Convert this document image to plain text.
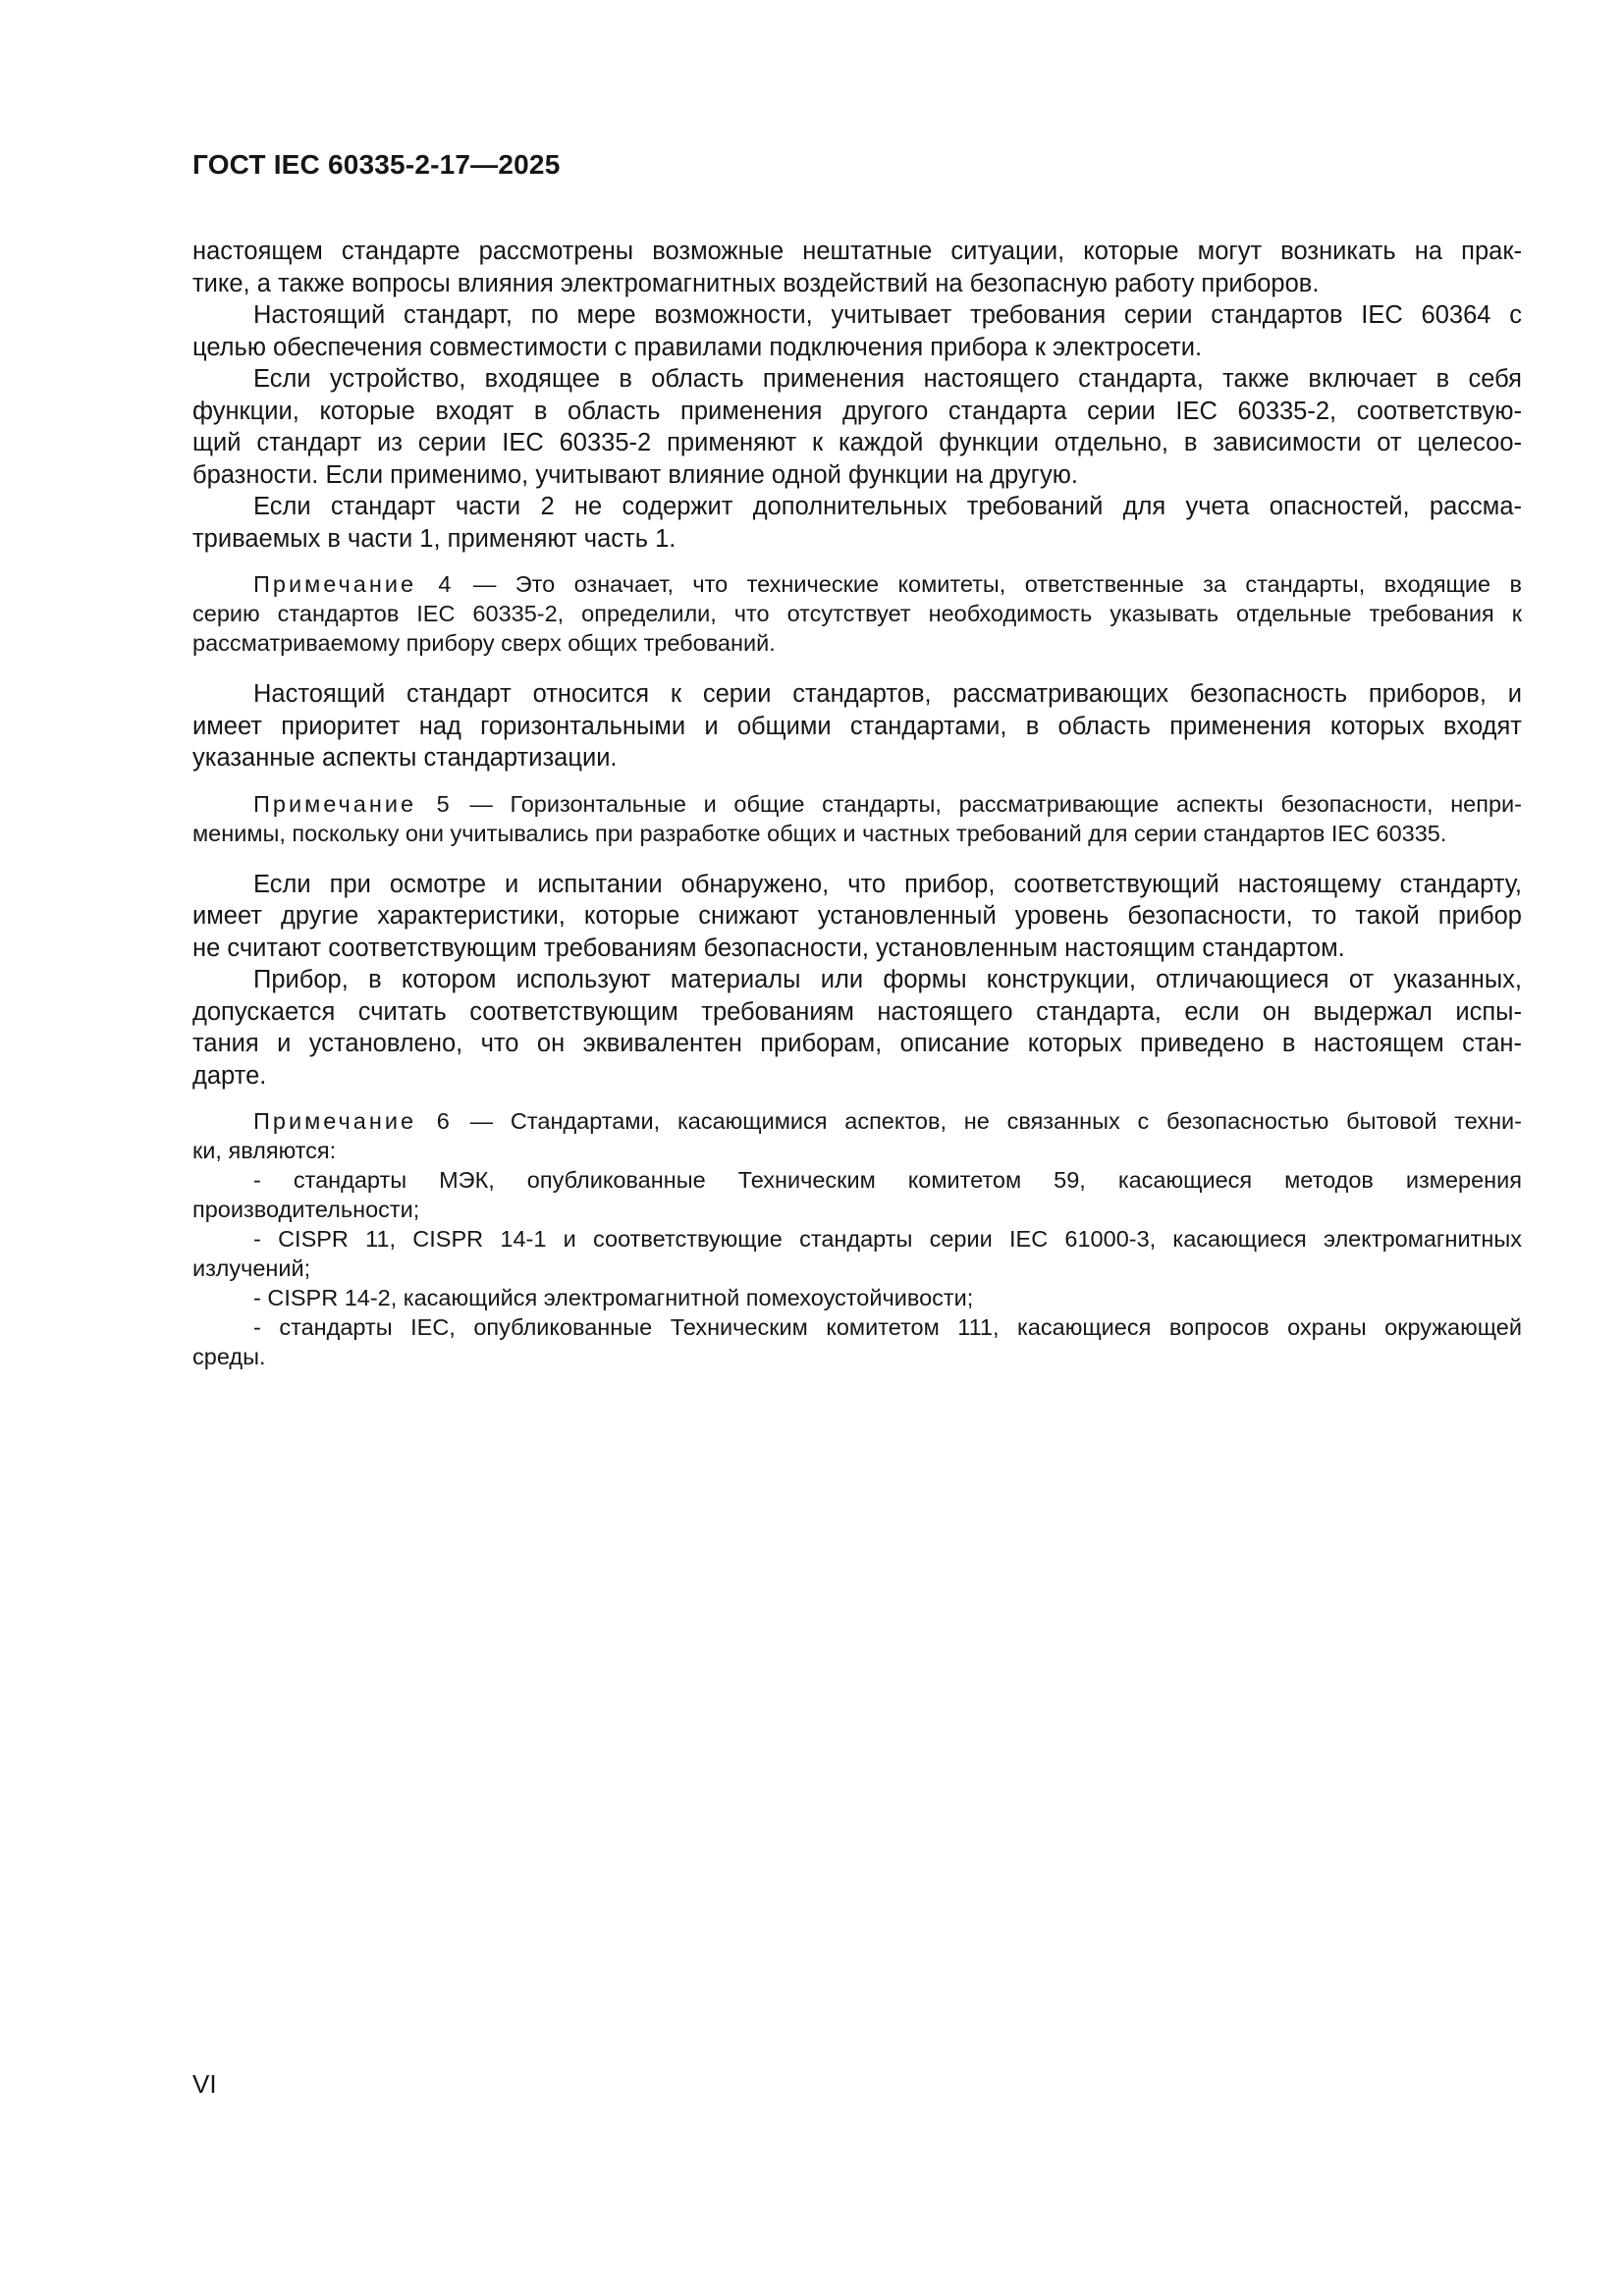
ГОСТ IEC 60335-2-17—2025
настоящем стандарте рассмотрены возможные нештатные ситуации, которые могут возникать на прак-
тике, а также вопросы влияния электромагнитных воздействий на безопасную работу приборов.
Настоящий стандарт, по мере возможности, учитывает требования серии стандартов IEC 60364 с
целью обеспечения совместимости с правилами подключения прибора к электросети.
Если устройство, входящее в область применения настоящего стандарта, также включает в себя
функции, которые входят в область применения другого стандарта серии IEC 60335-2, соответствую-
щий стандарт из серии IEC 60335-2 применяют к каждой функции отдельно, в зависимости от целесоо-
бразности. Если применимо, учитывают влияние одной функции на другую.
Если стандарт части 2 не содержит дополнительных требований для учета опасностей, рассма-
триваемых в части 1, применяют часть 1.
Примечание 4 — Это означает, что технические комитеты, ответственные за стандарты, входящие в
серию стандартов IEC 60335-2, определили, что отсутствует необходимость указывать отдельные требования к
рассматриваемому прибору сверх общих требований.
Настоящий стандарт относится к серии стандартов, рассматривающих безопасность приборов, и
имеет приоритет над горизонтальными и общими стандартами, в область применения которых входят
указанные аспекты стандартизации.
Примечание 5 — Горизонтальные и общие стандарты, рассматривающие аспекты безопасности, непри-
менимы, поскольку они учитывались при разработке общих и частных требований для серии стандартов IEC 60335.
Если при осмотре и испытании обнаружено, что прибор, соответствующий настоящему стандарту,
имеет другие характеристики, которые снижают установленный уровень безопасности, то такой прибор
не считают соответствующим требованиям безопасности, установленным настоящим стандартом.
Прибор, в котором используют материалы или формы конструкции, отличающиеся от указанных,
допускается считать соответствующим требованиям настоящего стандарта, если он выдержал испы-
тания и установлено, что он эквивалентен приборам, описание которых приведено в настоящем стан-
дарте.
Примечание 6 — Стандартами, касающимися аспектов, не связанных с безопасностью бытовой техни-
ки, являются:
- стандарты МЭК, опубликованные Техническим комитетом 59, касающиеся методов измерения
производительности;
- CISPR 11, CISPR 14-1 и соответствующие стандарты серии IEC 61000-3, касающиеся электромагнитных
излучений;
- CISPR 14-2, касающийся электромагнитной помехоустойчивости;
- стандарты IEC, опубликованные Техническим комитетом 111, касающиеся вопросов охраны окружающей
среды.
VI
